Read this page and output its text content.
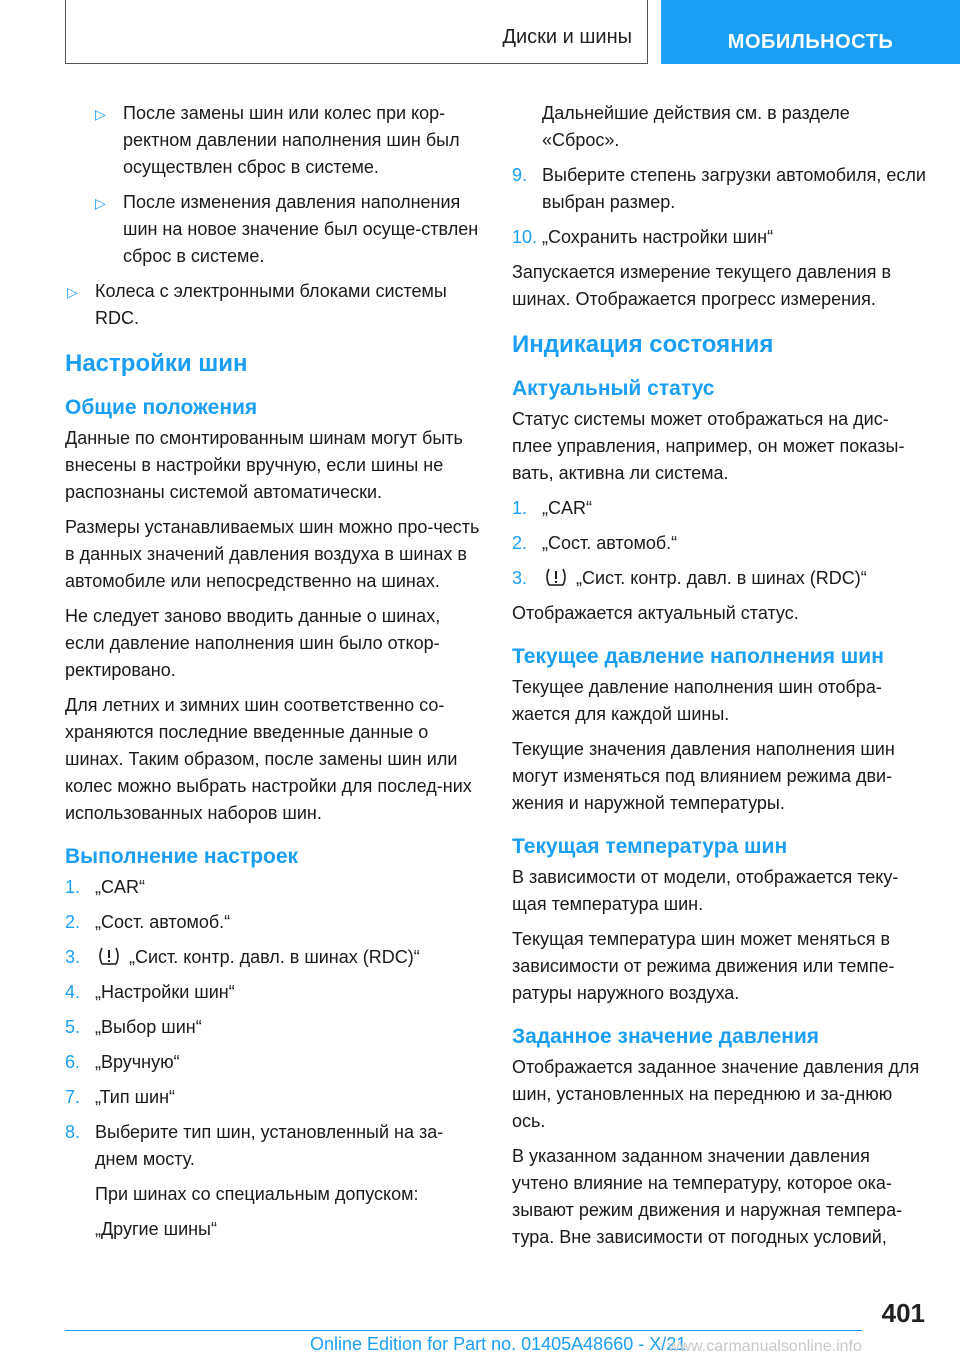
Диски и шины	МОБИЛЬНОСТЬ
▷ После замены шин или колес при кор-ректном давлении наполнения шин был осуществлен сброс в системе.
▷ После изменения давления наполнения шин на новое значение был осуще-ствлен сброс в системе.
▷ Колеса с электронными блоками системы RDC.
Настройки шин
Общие положения

Данные по смонтированным шинам могут быть внесены в настройки вручную, если шины не распознаны системой автоматически.

Размеры устанавливаемых шин можно про-честь в данных значений давления воздуха в шинах в автомобиле или непосредственно на шинах.

Не следует заново вводить данные о шинах, если давление наполнения шин было откор-ректировано.

Для летних и зимних шин соответственно со-храняются последние введенные данные о шинах. Таким образом, после замены шин или колес можно выбрать настройки для послед-них использованных наборов шин.

Выполнение настроек
1. „CAR“
2. „Сост. автомоб.“
3.	„Сист. контр. давл. в шинах (RDC)“
4. „Настройки шин“
5. „Выбор шин“
6. „Вручную“
7. „Тип шин“
8. Выберите тип шин, установленный на за-днем мосту.
При шинах со специальным допуском:
„Другие шины“
Дальнейшие действия см. в разделе «Сброс».
9. Выберите степень загрузки автомобиля, если выбран размер.
10. „Сохранить настройки шин“

Запускается измерение текущего давления в шинах. Отображается прогресс измерения.

Индикация состояния
Актуальный статус

Статус системы может отображаться на дис-плее управления, например, он может показы-вать, активна ли система.

1. „CAR“
2. „Сост. автомоб.“
3.	„Сист. контр. давл. в шинах (RDC)“

Отображается актуальный статус.

Текущее давление наполнения шин

Текущее давление наполнения шин отобра-жается для каждой шины.

Текущие значения давления наполнения шин могут изменяться под влиянием режима дви-жения и наружной температуры.

Текущая температура шин

В зависимости от модели, отображается теку-щая температура шин.

Текущая температура шин может меняться в зависимости от режима движения или темпе-ратуры наружного воздуха.

Заданное значение давления

Отображается заданное значение давления для шин, установленных на переднюю и за-днюю ось.

В указанном заданном значении давления учтено влияние на температуру, которое ока-зывают режим движения и наружная темпера-тура. Вне зависимости от погодных условий,

401
Online Edition for Part no. 01405A48660 - X/21
www.carmanualsonline.info
